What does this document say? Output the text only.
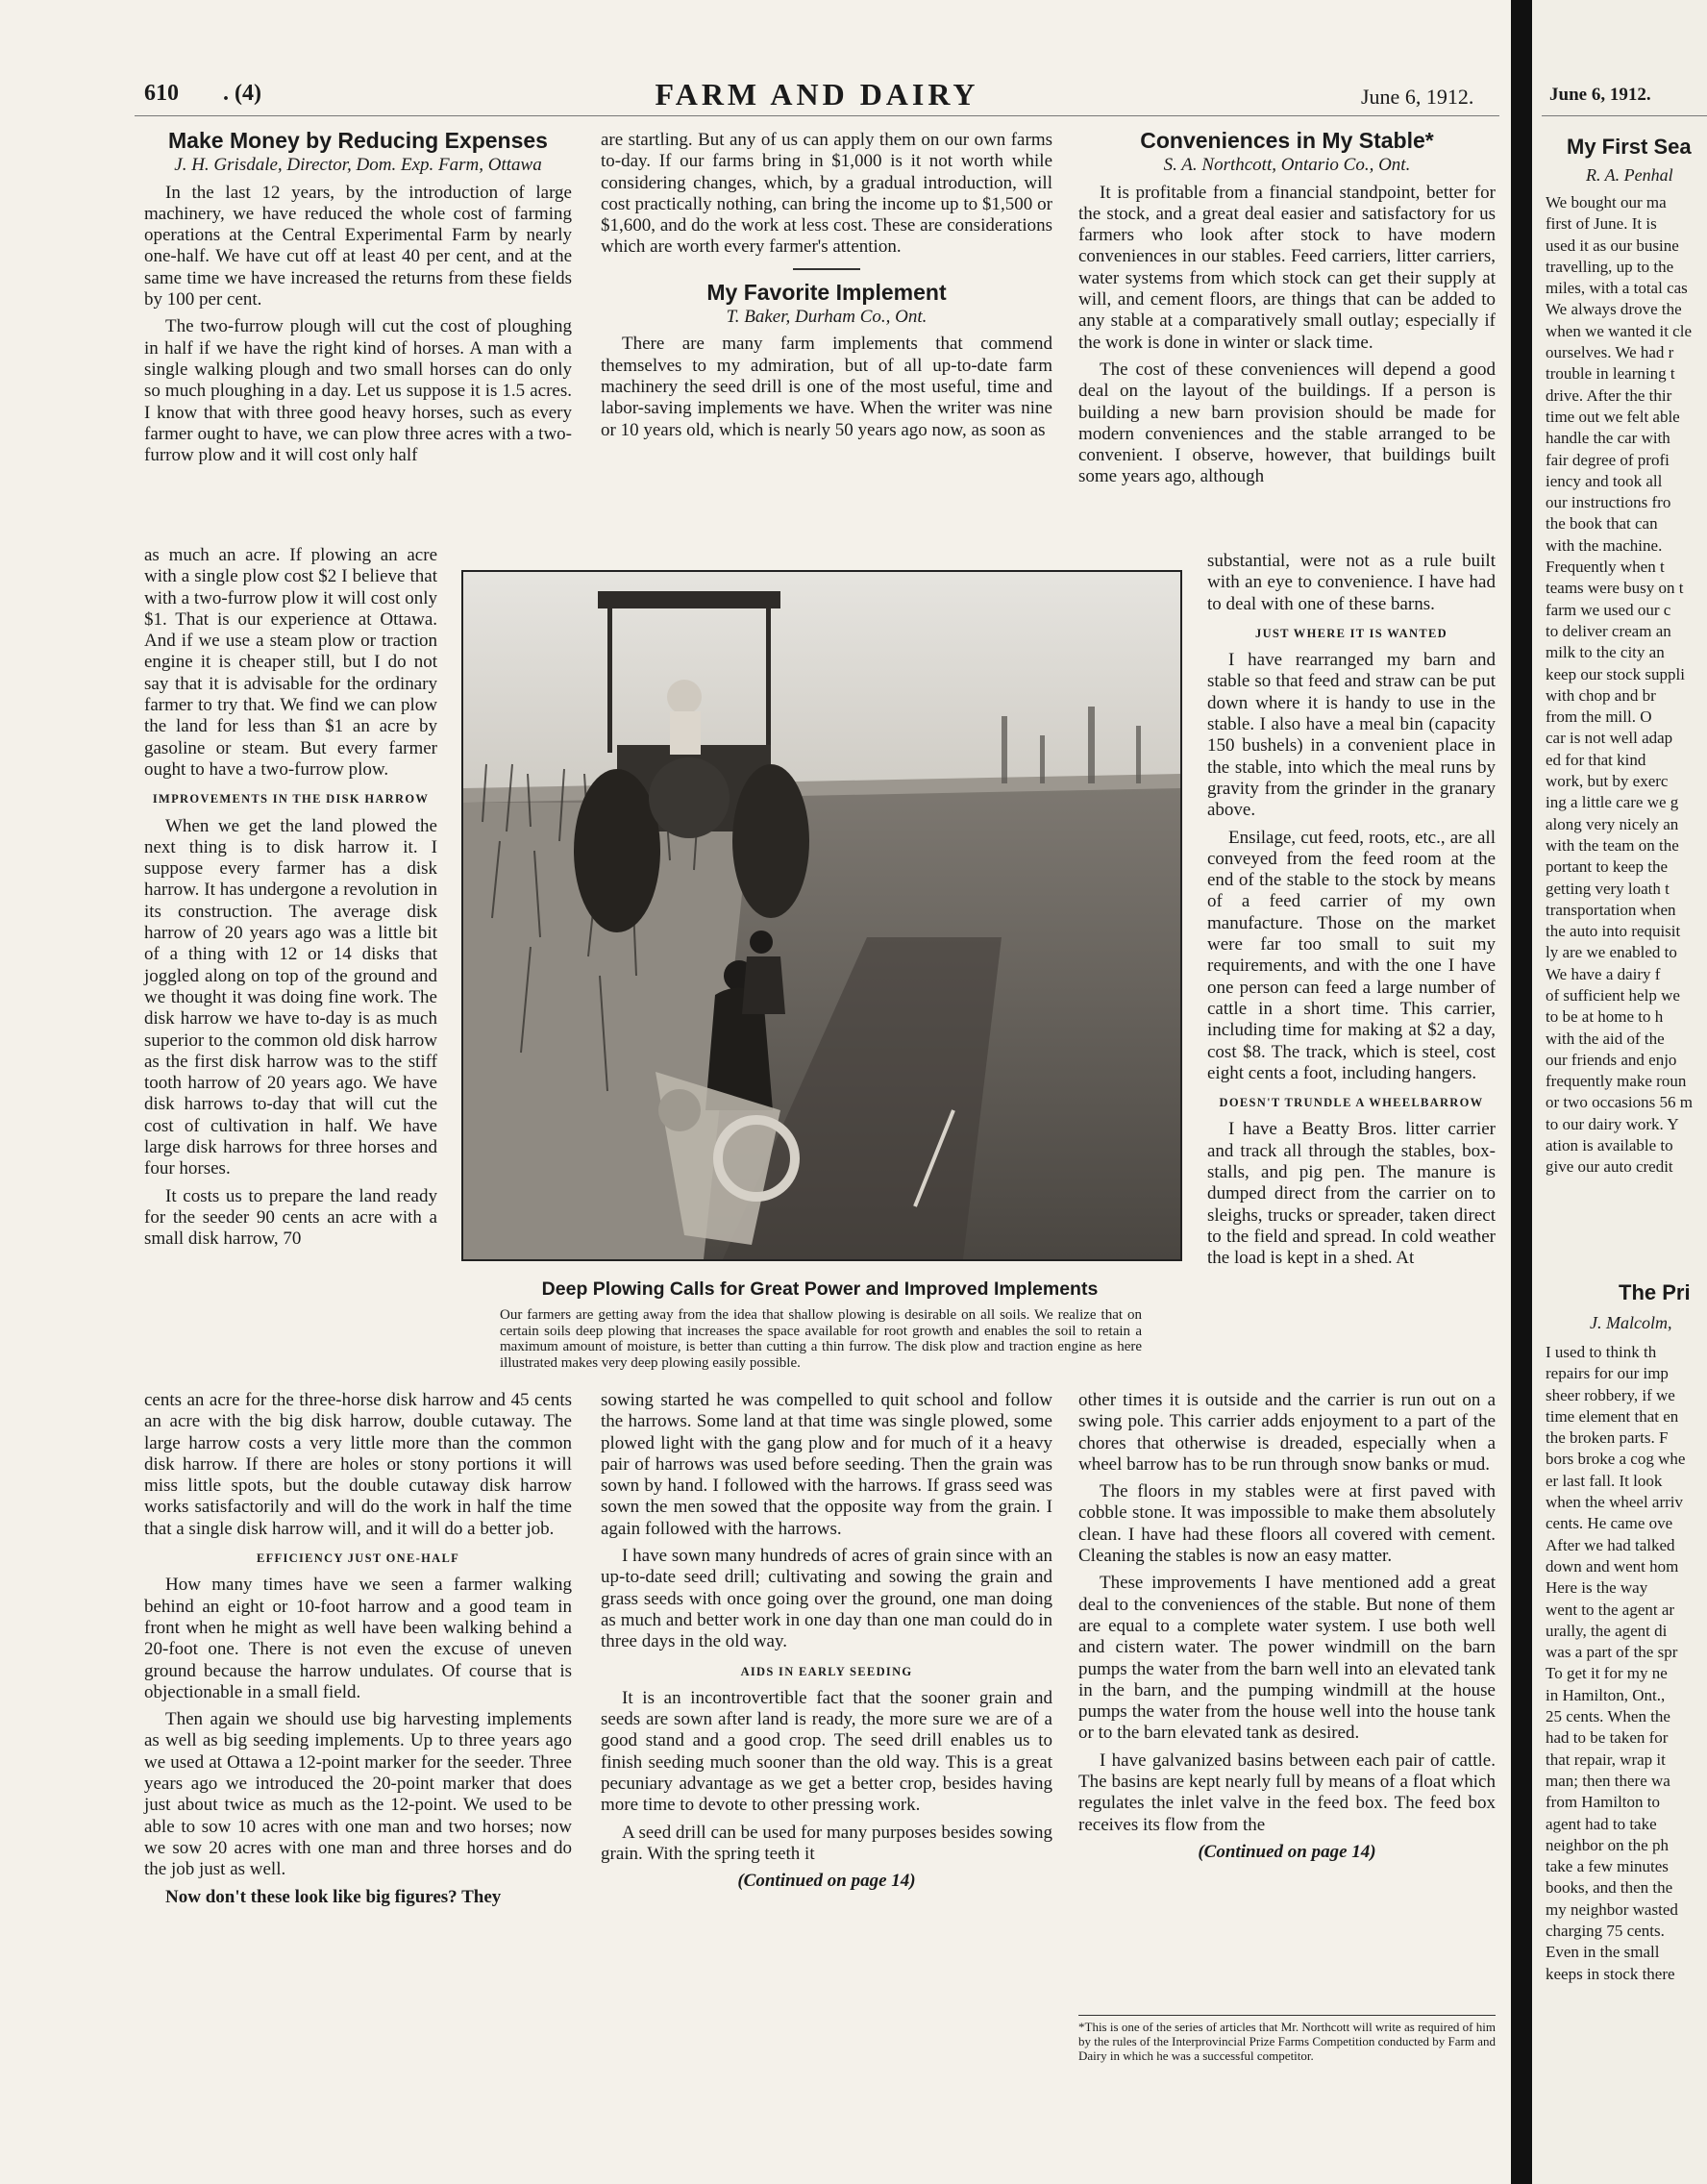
610 . (4)	FARM AND DAIRY	June 6, 1912.
Make Money by Reducing Expenses
J. H. Grisdale, Director, Dom. Exp. Farm, Ottawa

In the last 12 years, by the introduction of large machinery, we have reduced the whole cost of farming operations at the Central Experimental Farm by nearly one-half. We have cut off at least 40 per cent, and at the same time we have increased the returns from these fields by 100 per cent.

The two-furrow plough will cut the cost of ploughing in half if we have the right kind of horses. A man with a single walking plough and two small horses can do only so much ploughing in a day. Let us suppose it is 1.5 acres. I know that with three good heavy horses, such as every farmer ought to have, we can plow three acres with a two-furrow plow and it will cost only half

as much an acre. If plowing an acre with a single plow cost $2 I believe that with a two-furrow plow it will cost only $1. That is our experience at Ottawa. And if we use a steam plow or traction engine it is cheaper still, but I do not say that it is advisable for the ordinary farmer to try that. We find we can plow the land for less than $1 an acre by gasoline or steam. But every farmer ought to have a two-furrow plow.

IMPROVEMENTS IN THE DISK HARROW

When we get the land plowed the next thing is to disk harrow it. I suppose every farmer has a disk harrow. It has undergone a revolution in its construction. The average disk harrow of 20 years ago was a little bit of a thing with 12 or 14 disks that joggled along on top of the ground and we thought it was doing fine work. The disk harrow we have to-day is as much superior to the common old disk harrow as the first disk harrow was to the stiff tooth harrow of 20 years ago. We have disk harrows to-day that will cut the cost of cultivation in half. We have large disk harrows for three horses and four horses.

It costs us to prepare the land ready for the seeder 90 cents an acre with a small disk harrow, 70

cents an acre for the three-horse disk harrow and 45 cents an acre with the big disk harrow, double cutaway. The large harrow costs a very little more than the common disk harrow. If there are holes or stony portions it will miss little spots, but the double cutaway disk harrow works satisfactorily and will do the work in half the time that a single disk harrow will, and it will do a better job.

EFFICIENCY JUST ONE-HALF

How many times have we seen a farmer walking behind an eight or 10-foot harrow and a good team in front when he might as well have been walking behind a 20-foot one. There is not even the excuse of uneven ground because the harrow undulates. Of course that is objectionable in a small field.

Then again we should use big harvesting implements as well as big seeding implements. Up to three years ago we used at Ottawa a 12-point marker for the seeder. Three years ago we introduced the 20-point marker that does just about twice as much as the 12-point. We used to be able to sow 10 acres with one man and two horses; now we sow 20 acres with one man and three horses and do the job just as well.

Now don't these look like big figures? They

are startling. But any of us can apply them on our own farms to-day. If our farms bring in $1,000 is it not worth while considering changes, which, by a gradual introduction, will cost practically nothing, can bring the income up to $1,500 or $1,600, and do the work at less cost. These are considerations which are worth every farmer's attention.

My Favorite Implement
T. Baker, Durham Co., Ont.

There are many farm implements that commend themselves to my admiration, but of all up-to-date farm machinery the seed drill is one of the most useful, time and labor-saving implements we have. When the writer was nine or 10 years old, which is nearly 50 years ago now, as soon as

Conveniences in My Stable*
S. A. Northcott, Ontario Co., Ont.

It is profitable from a financial standpoint, better for the stock, and a great deal easier and satisfactory for us farmers who look after stock to have modern conveniences in our stables. Feed carriers, litter carriers, water systems from which stock can get their supply at will, and cement floors, are things that can be added to any stable at a comparatively small outlay; especially if the work is done in winter or slack time.

The cost of these conveniences will depend a good deal on the layout of the buildings. If a person is building a new barn provision should be made for modern conveniences and the stable arranged to be convenient. I observe, however, that buildings built some years ago, although

Deep Plowing Calls for Great Power and Improved Implements
Our farmers are getting away from the idea that shallow plowing is desirable on all soils. We realize that on certain soils deep plowing that increases the space available for root growth and enables the soil to retain a maximum amount of moisture, is better than cutting a thin furrow. The disk plow and traction engine as here illustrated makes very deep plowing easily possible.

substantial, were not as a rule built with an eye to convenience. I have had to deal with one of these barns.

JUST WHERE IT IS WANTED

I have rearranged my barn and stable so that feed and straw can be put down where it is handy to use in the stable. I also have a meal bin (capacity 150 bushels) in a convenient place in the stable, into which the meal runs by gravity from the grinder in the granary above.

Ensilage, cut feed, roots, etc., are all conveyed from the feed room at the end of the stable to the stock by means of a feed carrier of my own manufacture. Those on the market were far too small to suit my requirements, and with the one I have one person can feed a large number of cattle in a short time. This carrier, including time for making at $2 a day, cost $8. The track, which is steel, cost eight cents a foot, including hangers.

DOESN'T TRUNDLE A WHEELBARROW

I have a Beatty Bros. litter carrier and track all through the stables, box-stalls, and pig pen. The manure is dumped direct from the carrier on to sleighs, trucks or spreader, taken direct to the field and spread. In cold weather the load is kept in a shed. At

sowing started he was compelled to quit school and follow the harrows. Some land at that time was single plowed, some plowed light with the gang plow and for much of it a heavy pair of harrows was used before seeding. Then the grain was sown by hand. I followed with the harrows. If grass seed was sown the men sowed that the opposite way from the grain. I again followed with the harrows.

I have sown many hundreds of acres of grain since with an up-to-date seed drill; cultivating and sowing the grain and grass seeds with once going over the ground, one man doing as much and better work in one day than one man could do in three days in the old way.

AIDS IN EARLY SEEDING

It is an incontrovertible fact that the sooner grain and seeds are sown after land is ready, the more sure we are of a good stand and a good crop. The seed drill enables us to finish seeding much sooner than the old way. This is a great pecuniary advantage as we get a better crop, besides having more time to devote to other pressing work.

A seed drill can be used for many purposes besides sowing grain. With the spring teeth it

(Continued on page 14)

other times it is outside and the carrier is run out on a swing pole. This carrier adds enjoyment to a part of the chores that otherwise is dreaded, especially when a wheel barrow has to be run through snow banks or mud.

The floors in my stables were at first paved with cobble stone. It was impossible to make them absolutely clean. I have had these floors all covered with cement. Cleaning the stables is now an easy matter.

These improvements I have mentioned add a great deal to the conveniences of the stable. But none of them are equal to a complete water system. I use both well and cistern water. The power windmill on the barn pumps the water from the barn well into an elevated tank in the barn, and the pumping windmill at the house pumps the water from the house well into the house tank or to the barn elevated tank as desired.

I have galvanized basins between each pair of cattle. The basins are kept nearly full by means of a float which regulates the inlet valve in the feed box. The feed box receives its flow from the

(Continued on page 14)
*This is one of the series of articles that Mr. Northcott will write as required of him by the rules of the Interprovincial Prize Farms Competition conducted by Farm and Dairy in which he was a successful competitor.
June 6, 1912.
My First Sea
R. A. Penhal
We bought our ma
first of June. It is
used it as our busine
travelling, up to the
miles, with a total cas
We always drove the
when we wanted it cle
ourselves. We had r
trouble in learning t
drive. After the thir
time out we felt able
handle the car with
fair degree of profi
iency and took all
our instructions fro
the book that can
with the machine.
Frequently when t
teams were busy on t
farm we used our c
to deliver cream an
milk to the city an
keep our stock suppli
with chop and br
from the mill. O
car is not well adap
ed for that kind
work, but by exerc
ing a little care we g
along very nicely an
with the team on the
portant to keep the
getting very loath t
transportation when
the auto into requisit
ly are we enabled to
We have a dairy f
of sufficient help we
to be at home to h
with the aid of the
our friends and enjo
frequently make roun
or two occasions 56 m
to our dairy work. Y
ation is available to
give our auto credit
The Pri
J. Malcolm,
I used to think th
repairs for our imp
sheer robbery, if we
time element that en
the broken parts. F
bors broke a cog whe
er last fall. It look
when the wheel arriv
cents. He came ove
After we had talked
down and went hom
Here is the way
went to the agent ar
urally, the agent di
was a part of the spr
To get it for my ne
in Hamilton, Ont.,
25 cents. When the
had to be taken for
that repair, wrap it
man; then there wa
from Hamilton to
agent had to take
neighbor on the ph
take a few minutes
books, and then the
my neighbor wasted
charging 75 cents.
Even in the small
keeps in stock there
